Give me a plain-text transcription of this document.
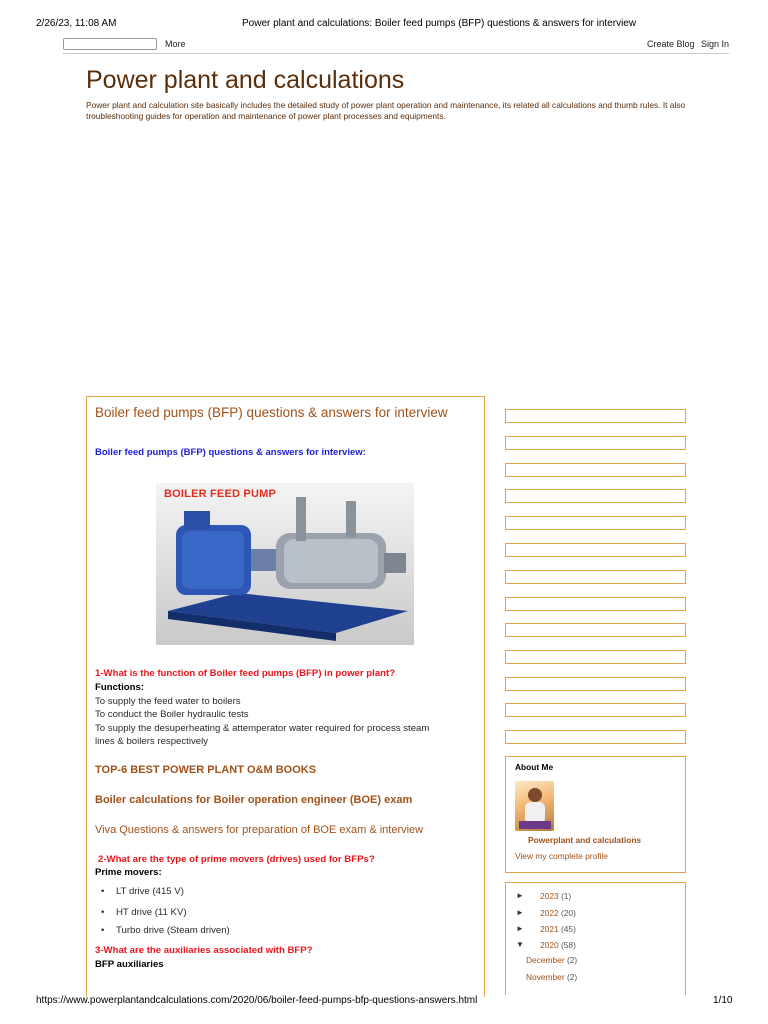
2/26/23, 11:08 AM	Power plant and calculations: Boiler feed pumps (BFP) questions & answers for interview
More	Create Blog Sign In
Power plant and calculations
Power plant and calculation site basically includes the detailed study of power plant operation and maintenance, its related all calculations and thumb rules. It also troubleshooting guides for operation and maintenance of power plant processes and equipments.
Boiler feed pumps (BFP) questions & answers for interview
Boiler feed pumps (BFP) questions & answers for interview:
BOILER FEED PUMP
1-What is the function of Boiler feed pumps (BFP) in power plant?
Functions:
To supply the feed water to boilers
To conduct the Boiler hydraulic tests
To supply the desuperheating & attemperator water required for process steam
lines & boilers respectively
TOP-6 BEST POWER PLANT O&M BOOKS
Boiler calculations for Boiler operation engineer (BOE) exam
Viva Questions & answers for preparation of BOE exam & interview
2-What are the type of prime movers (drives) used for BFPs?
Prime movers:
LT drive (415 V)
HT drive (11 KV)
Turbo drive (Steam driven)
3-What are the auxiliaries associated with BFP?
BFP auxiliaries
About Me
Powerplant and calculations
View my complete profile
► 2023 (1)
► 2022 (20)
► 2021 (45)
▼ 2020 (58)
December (2)
November (2)
https://www.powerplantandcalculations.com/2020/06/boiler-feed-pumps-bfp-questions-answers.html	1/10
